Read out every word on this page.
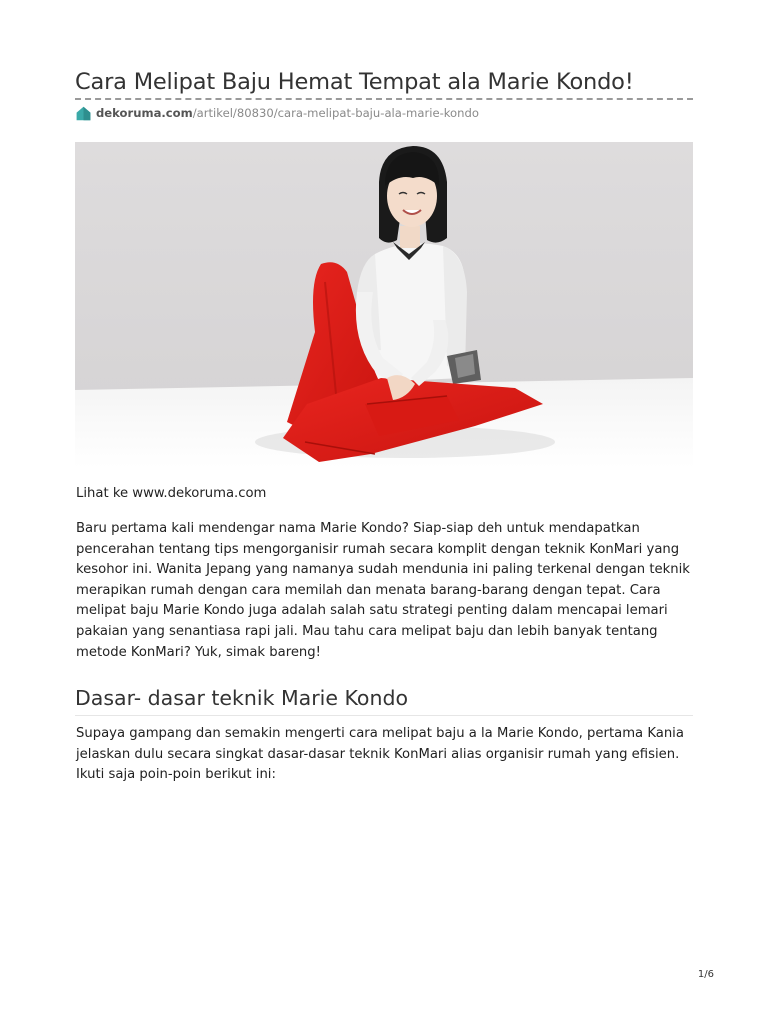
Cara Melipat Baju Hemat Tempat ala Marie Kondo!
dekoruma.com /artikel/80830/cara-melipat-baju-ala-marie-kondo
Lihat ke www.dekoruma.com

Baru pertama kali mendengar nama Marie Kondo? Siap-siap deh untuk mendapatkan pencerahan tentang tips mengorganisir rumah secara komplit dengan teknik KonMari yang kesohor ini. Wanita Jepang yang namanya sudah mendunia ini paling terkenal dengan teknik merapikan rumah dengan cara memilah dan menata barang-barang dengan tepat. Cara melipat baju Marie Kondo juga adalah salah satu strategi penting dalam mencapai lemari pakaian yang senantiasa rapi jali. Mau tahu cara melipat baju dan lebih banyak tentang metode KonMari? Yuk, simak bareng!

Dasar- dasar teknik Marie Kondo

Supaya gampang dan semakin mengerti cara melipat baju a la Marie Kondo, pertama Kania jelaskan dulu secara singkat dasar-dasar teknik KonMari alias organisir rumah yang efisien. Ikuti saja poin-poin berikut ini:

1/6
